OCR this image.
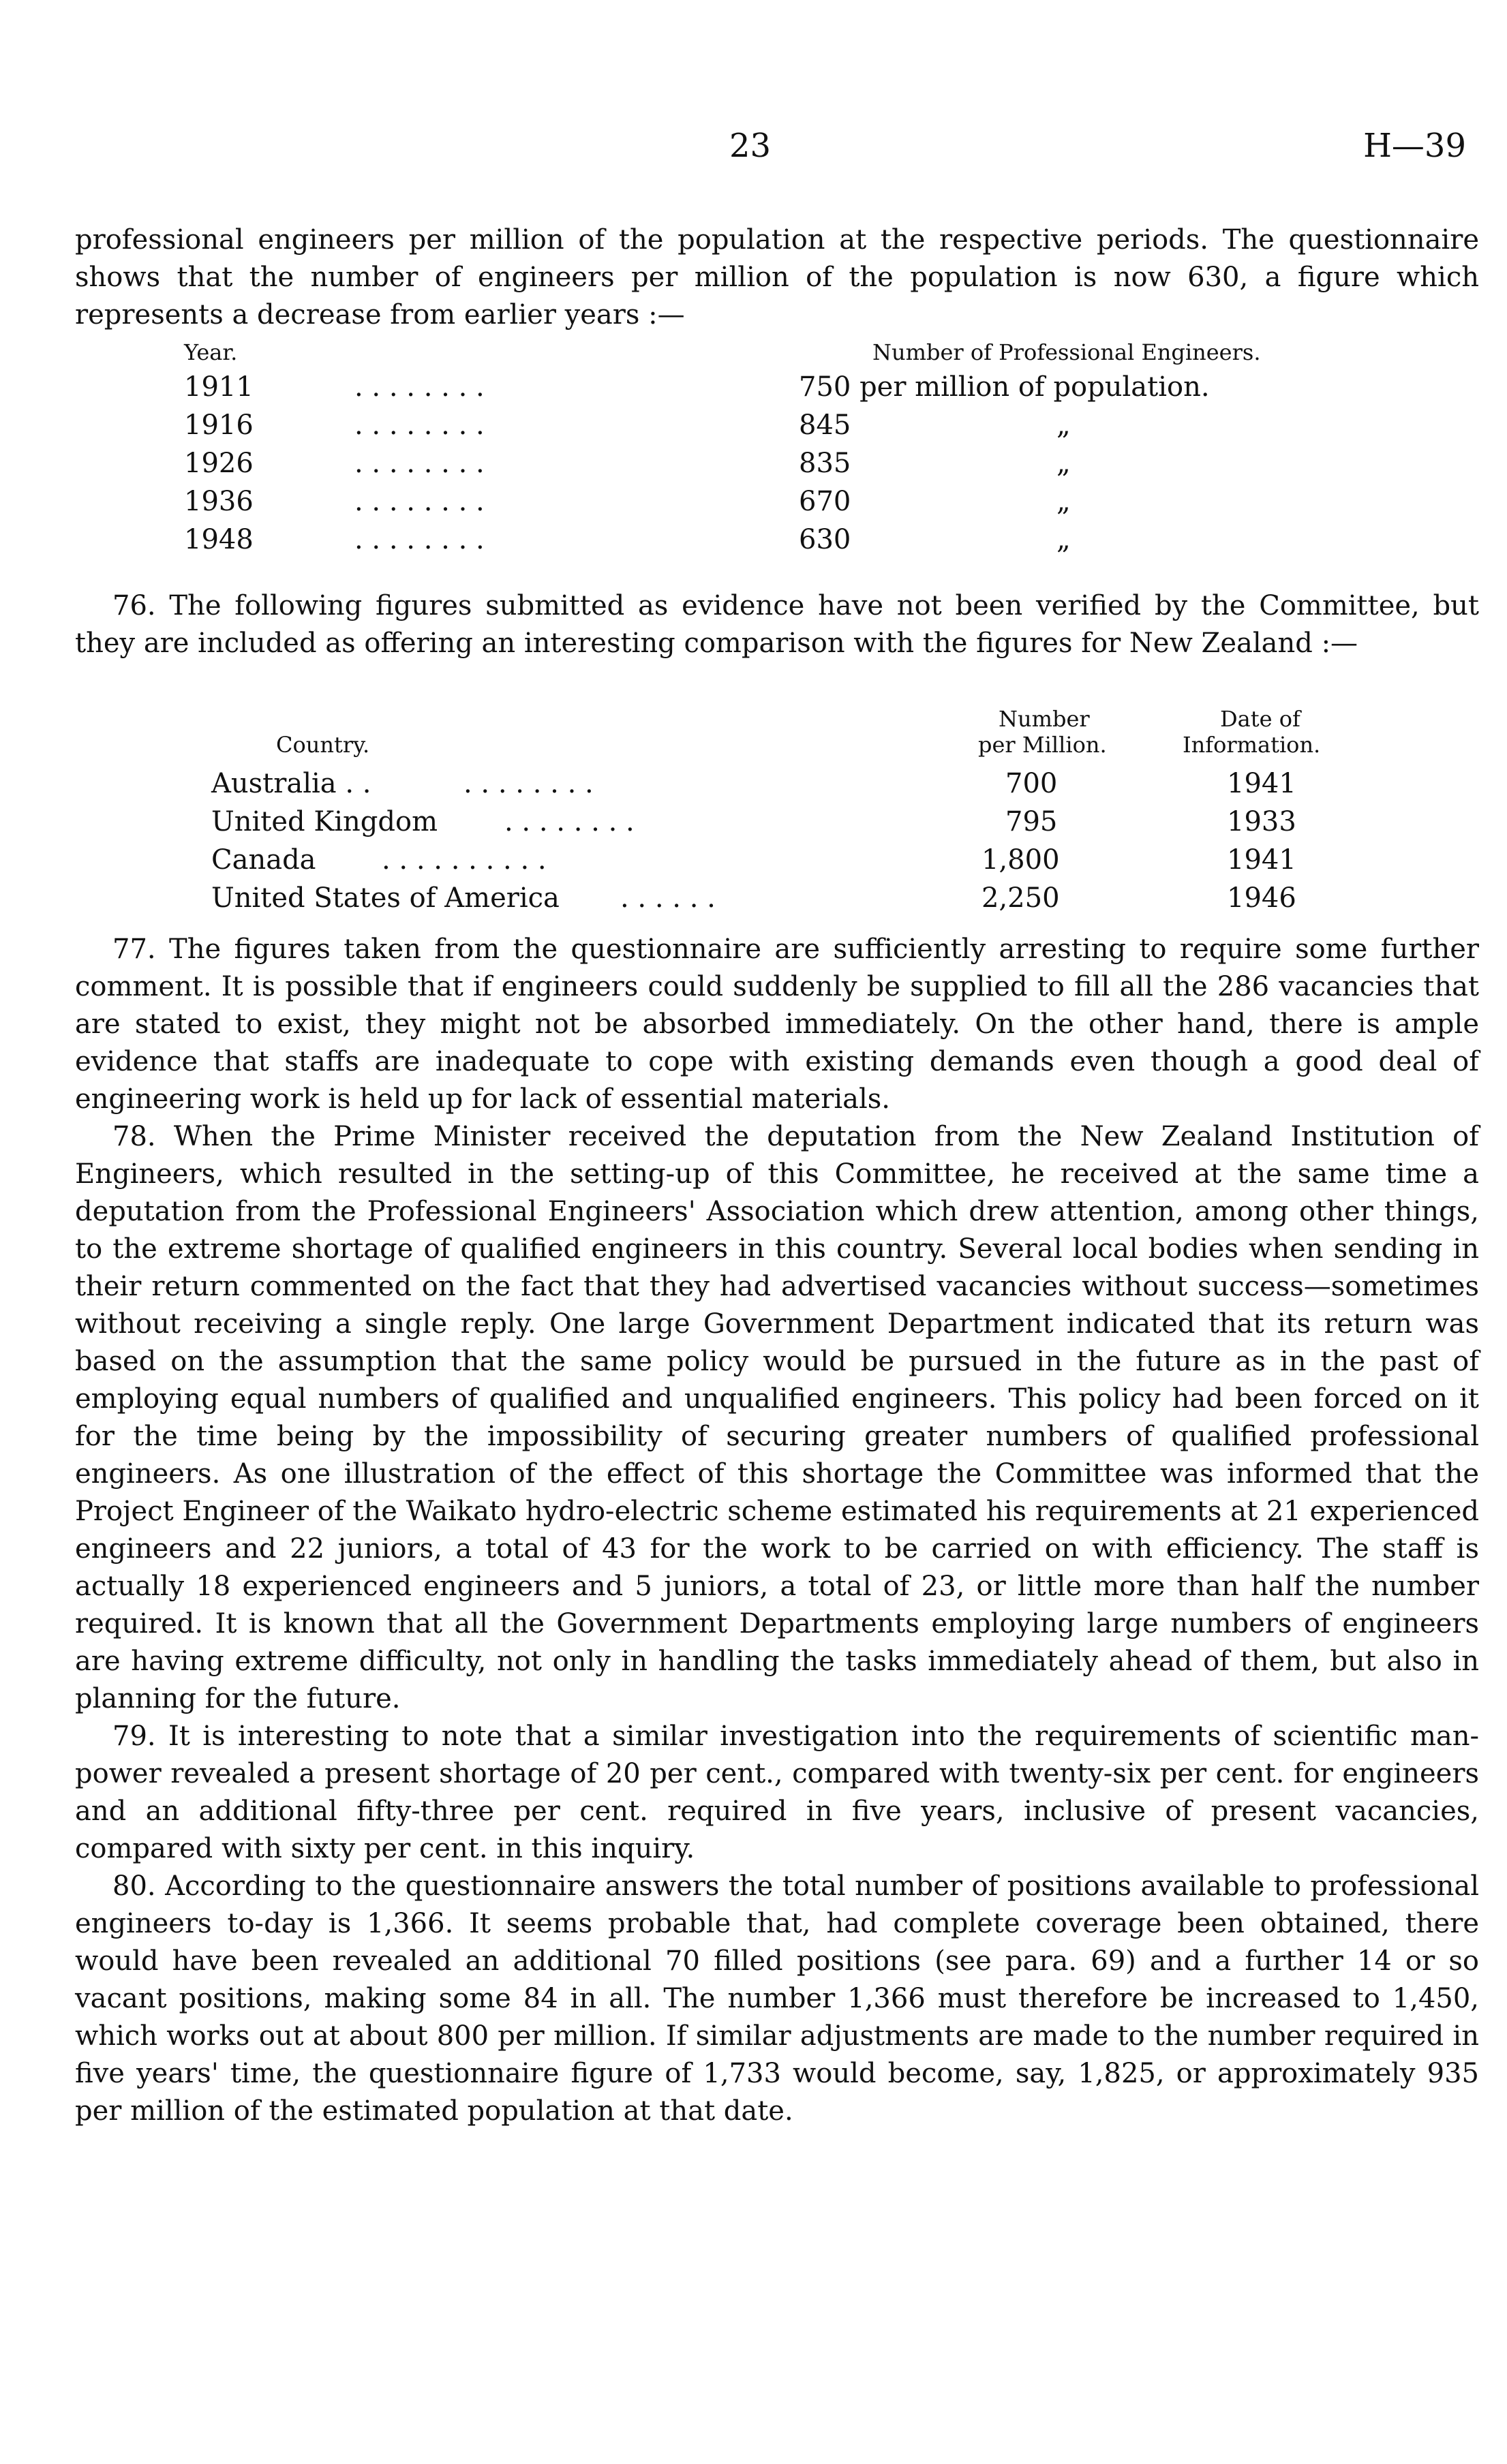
23	H—39

professional engineers per million of the population at the respective periods. The questionnaire shows that the number of engineers per million of the population is now 630, a figure which represents a decrease from earlier years :—

Year.	Number of Professional Engineers.
1911	. . . . . . . .	750 per million of population.
1916	. . . . . . . .	845	„
1926	. . . . . . . .	835	„
1936	. . . . . . . .	670	„
1948	. . . . . . . .	630	„

76. The following figures submitted as evidence have not been verified by the Committee, but they are included as offering an interesting comparison with the figures for New Zealand :—

Number	Date of
Country.	per Million.	Information.
Australia . .	. . . . . . . .	700	1941
United Kingdom . . . . . . . .	795	1933
Canada . . . . . . . . . .	1,800	1941
United States of America . . . . . .	2,250	1946

77. The figures taken from the questionnaire are sufficiently arresting to require some further comment. It is possible that if engineers could suddenly be supplied to fill all the 286 vacancies that are stated to exist, they might not be absorbed immediately. On the other hand, there is ample evidence that staffs are inadequate to cope with existing demands even though a good deal of engineering work is held up for lack of essential materials.

78. When the Prime Minister received the deputation from the New Zealand Institution of Engineers, which resulted in the setting-up of this Committee, he received at the same time a deputation from the Professional Engineers' Association which drew attention, among other things, to the extreme shortage of qualified engineers in this country. Several local bodies when sending in their return commented on the fact that they had advertised vacancies without success—sometimes without receiving a single reply. One large Government Department indicated that its return was based on the assumption that the same policy would be pursued in the future as in the past of employing equal numbers of qualified and unqualified engineers. This policy had been forced on it for the time being by the impossibility of securing greater numbers of qualified professional engineers. As one illustration of the effect of this shortage the Committee was informed that the Project Engineer of the Waikato hydro-electric scheme estimated his requirements at 21 experienced engineers and 22 juniors, a total of 43 for the work to be carried on with efficiency. The staff is actually 18 experienced engineers and 5 juniors, a total of 23, or little more than half the number required. It is known that all the Government Departments employing large numbers of engineers are having extreme difficulty, not only in handling the tasks immediately ahead of them, but also in planning for the future.

79. It is interesting to note that a similar investigation into the requirements of scientific man-power revealed a present shortage of 20 per cent., compared with twenty-six per cent. for engineers and an additional fifty-three per cent. required in five years, inclusive of present vacancies, compared with sixty per cent. in this inquiry.

80. According to the questionnaire answers the total number of positions available to professional engineers to-day is 1,366. It seems probable that, had complete coverage been obtained, there would have been revealed an additional 70 filled positions (see para. 69) and a further 14 or so vacant positions, making some 84 in all. The number 1,366 must therefore be increased to 1,450, which works out at about 800 per million. If similar adjustments are made to the number required in five years' time, the questionnaire figure of 1,733 would become, say, 1,825, or approximately 935 per million of the estimated population at that date.
